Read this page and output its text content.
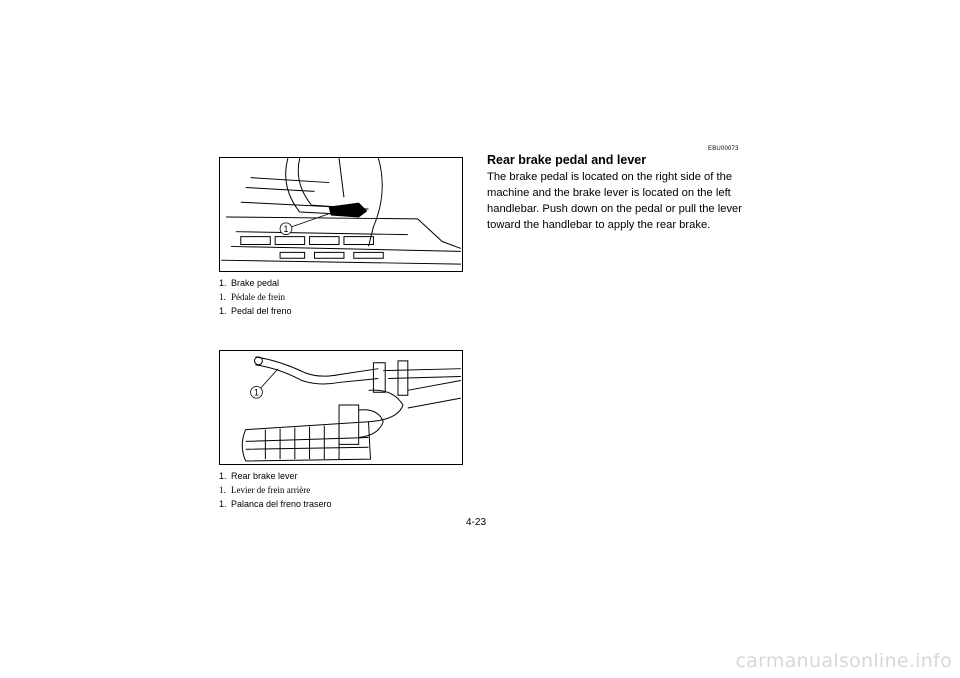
1
1. Brake pedal
1. Pédale de frein
1. Pedal del freno
1
1. Rear brake lever
1. Levier de frein arrière
1. Palanca del freno trasero
EBU00073
Rear brake pedal and lever

The brake pedal is located on the right side of the machine and the brake lever is located on the left handlebar. Push down on the pedal or pull the lever toward the handlebar to apply the rear brake.

4-23
carmanualsonline.info
